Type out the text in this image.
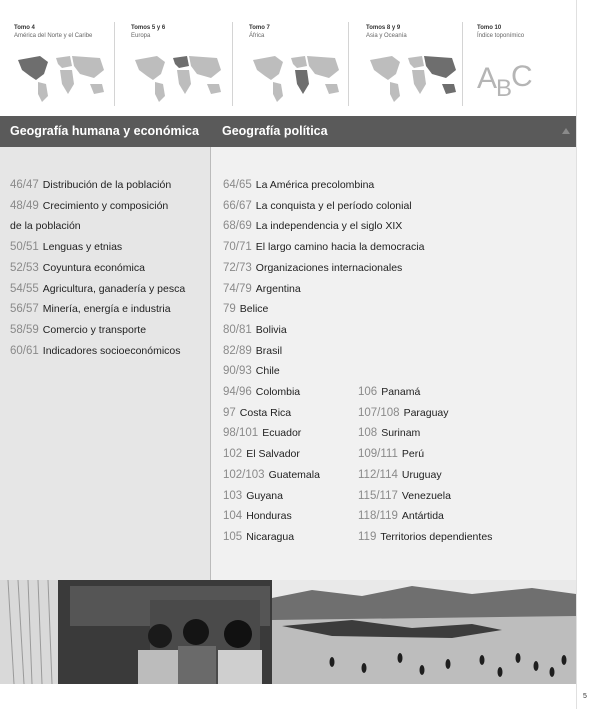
Tomo 4
América del Norte y el Caribe
Tomos 5 y 6
Europa
Tomo 7
África
Tomos 8 y 9
Asia y Oceanía
Tomo 10
Índice toponímico
ABC
Geografía humana y económica	Geografía política
46/47 Distribución de la población
48/49 Crecimiento y composición
de la población
50/51 Lenguas y etnias
52/53 Coyuntura económica
54/55 Agricultura, ganadería y pesca
56/57 Minería, energía e industria
58/59 Comercio y transporte
60/61 Indicadores socioeconómicos
64/65 La América precolombina
66/67 La conquista y el período colonial
68/69 La independencia y el siglo XIX
70/71 El largo camino hacia la democracia
72/73 Organizaciones internacionales
74/79 Argentina
79 Belice
80/81 Bolivia
82/89 Brasil
90/93 Chile
94/96 Colombia
97 Costa Rica
98/101 Ecuador
102 El Salvador
102/103 Guatemala
103 Guyana
104 Honduras
105 Nicaragua
106 Panamá
107/108 Paraguay
108 Surinam
109/111 Perú
112/114 Uruguay
115/117 Venezuela
118/119 Antártida
119 Territorios dependientes
5
